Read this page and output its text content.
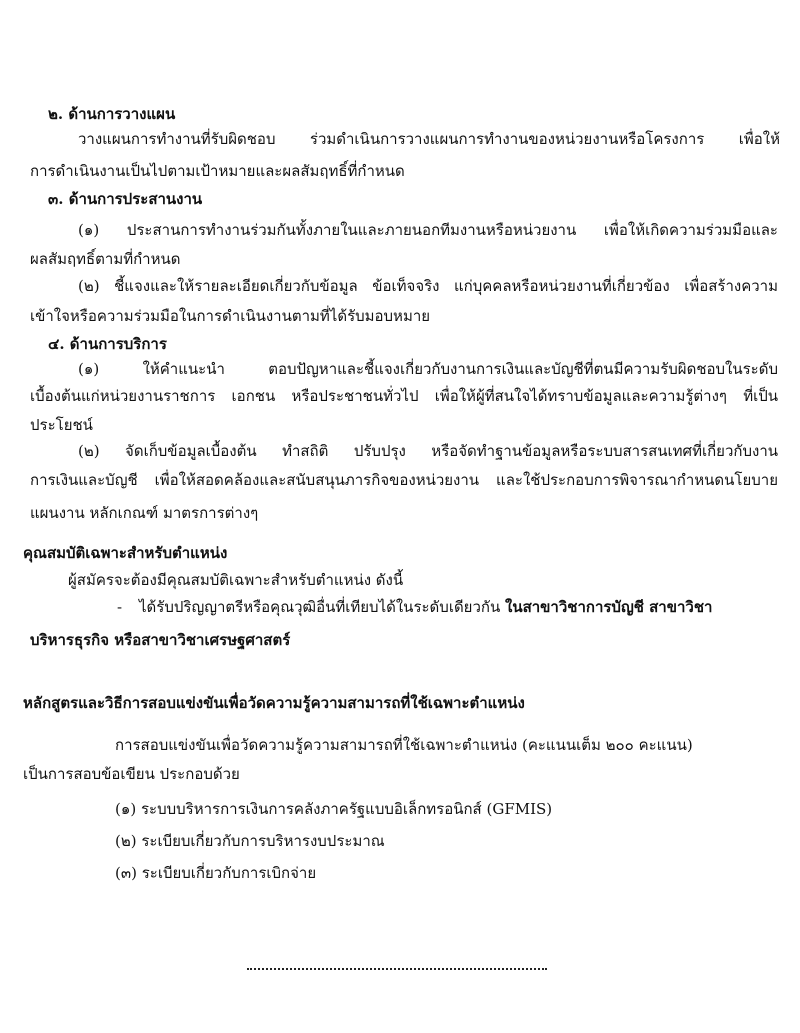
๒. ด้านการวางแผน
วางแผนการทำงานที่รับผิดชอบ ร่วมดำเนินการวางแผนการทำงานของหน่วยงานหรือโครงการ เพื่อให้
การดำเนินงานเป็นไปตามเป้าหมายและผลสัมฤทธิ์ที่กำหนด
๓. ด้านการประสานงาน
(๑) ประสานการทำงานร่วมกันทั้งภายในและภายนอกทีมงานหรือหน่วยงาน เพื่อให้เกิดความร่วมมือและ
ผลสัมฤทธิ์ตามที่กำหนด
(๒) ชี้แจงและให้รายละเอียดเกี่ยวกับข้อมูล ข้อเท็จจริง แก่บุคคลหรือหน่วยงานที่เกี่ยวข้อง เพื่อสร้างความ
เข้าใจหรือความร่วมมือในการดำเนินงานตามที่ได้รับมอบหมาย
๔. ด้านการบริการ
(๑) ให้คำแนะนำ ตอบปัญหาและชี้แจงเกี่ยวกับงานการเงินและบัญชีที่ตนมีความรับผิดชอบในระดับ
เบื้องต้นแก่หน่วยงานราชการ เอกชน หรือประชาชนทั่วไป เพื่อให้ผู้ที่สนใจได้ทราบข้อมูลและความรู้ต่างๆ ที่เป็น
ประโยชน์
(๒) จัดเก็บข้อมูลเบื้องต้น ทำสถิติ ปรับปรุง หรือจัดทำฐานข้อมูลหรือระบบสารสนเทศที่เกี่ยวกับงาน
การเงินและบัญชี เพื่อให้สอดคล้องและสนับสนุนภารกิจของหน่วยงาน และใช้ประกอบการพิจารณากำหนดนโยบาย
แผนงาน หลักเกณฑ์ มาตรการต่างๆ
คุณสมบัติเฉพาะสำหรับตำแหน่ง
ผู้สมัครจะต้องมีคุณสมบัติเฉพาะสำหรับตำแหน่ง ดังนี้
- ได้รับปริญญาตรีหรือคุณวุฒิอื่นที่เทียบได้ในระดับเดียวกัน ในสาขาวิชาการบัญชี สาขาวิชา
บริหารธุรกิจ หรือสาขาวิชาเศรษฐศาสตร์
หลักสูตรและวิธีการสอบแข่งขันเพื่อวัดความรู้ความสามารถที่ใช้เฉพาะตำแหน่ง
การสอบแข่งขันเพื่อวัดความรู้ความสามารถที่ใช้เฉพาะตำแหน่ง (คะแนนเต็ม ๒๐๐ คะแนน)
เป็นการสอบข้อเขียน ประกอบด้วย
(๑) ระบบบริหารการเงินการคลังภาครัฐแบบอิเล็กทรอนิกส์ (GFMIS)
(๒) ระเบียบเกี่ยวกับการบริหารงบประมาณ
(๓) ระเบียบเกี่ยวกับการเบิกจ่าย
